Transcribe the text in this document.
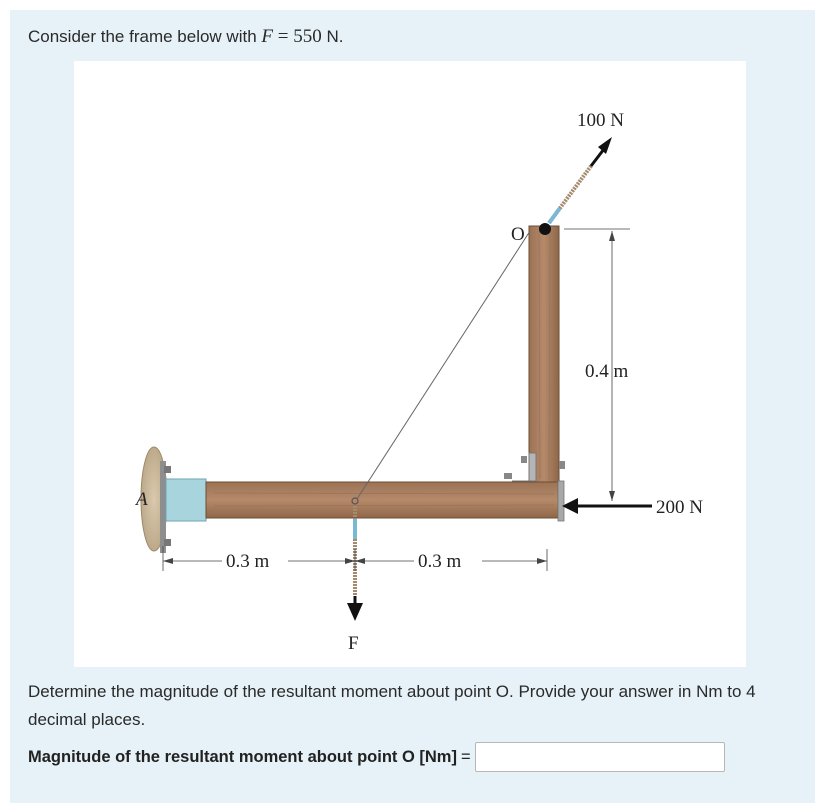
Consider the frame below with F = 550 N.
A
O
F
100 N
200 N
0.4 m
0.3 m	0.3 m
Determine the magnitude of the resultant moment about point O. Provide your answer in Nm to 4 decimal places.
Magnitude of the resultant moment about point O [Nm] =
